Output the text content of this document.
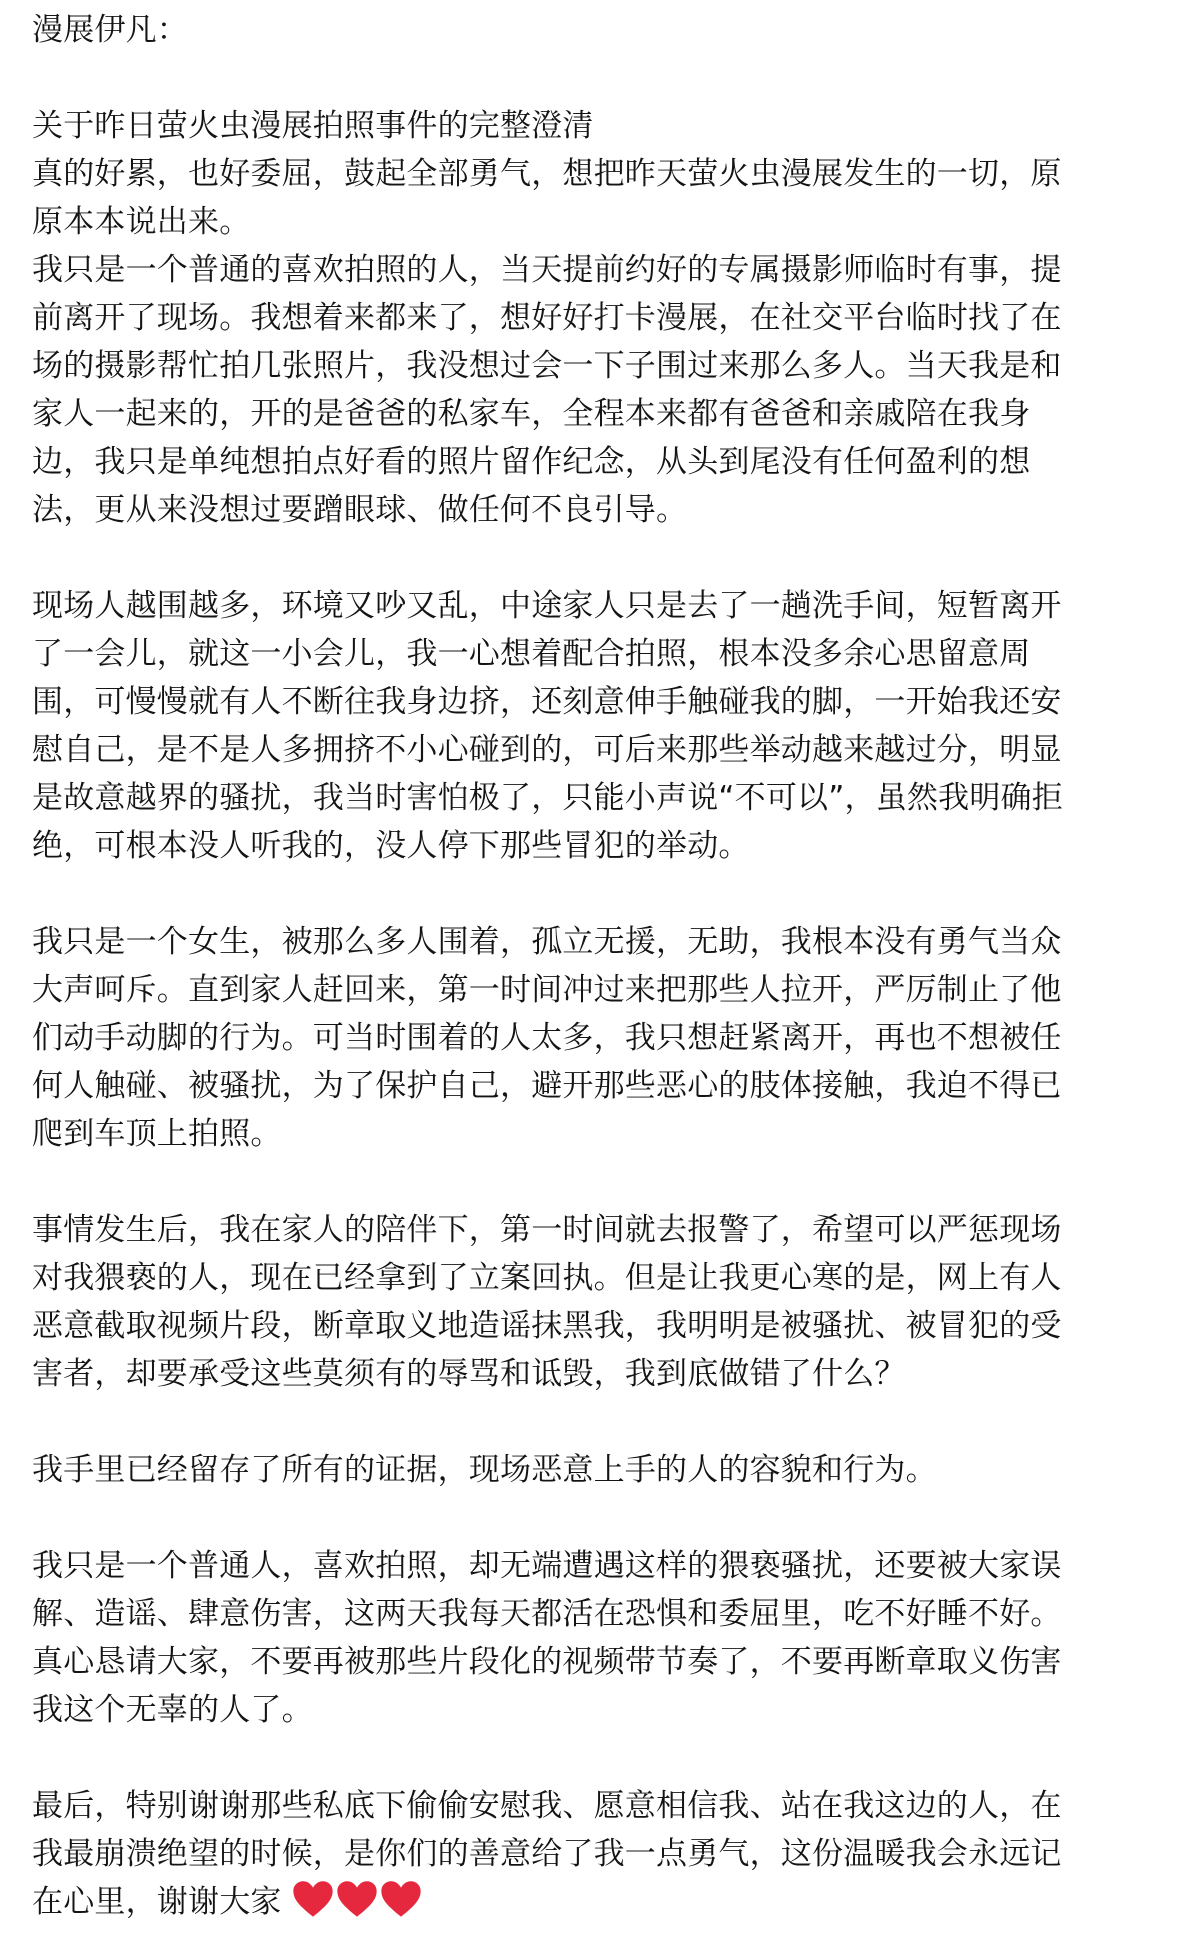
漫展伊凡：
关于昨日萤火虫漫展拍照事件的完整澄清
真的好累，也好委屈，鼓起全部勇气，想把昨天萤火虫漫展发生的一切，原
原本本说出来。
我只是一个普通的喜欢拍照的人，当天提前约好的专属摄影师临时有事，提
前离开了现场。我想着来都来了，想好好打卡漫展，在社交平台临时找了在
场的摄影帮忙拍几张照片，我没想过会一下子围过来那么多人。当天我是和
家人一起来的，开的是爸爸的私家车，全程本来都有爸爸和亲戚陪在我身
边，我只是单纯想拍点好看的照片留作纪念，从头到尾没有任何盈利的想
法，更从来没想过要蹭眼球、做任何不良引导。
现场人越围越多，环境又吵又乱，中途家人只是去了一趟洗手间，短暂离开
了一会儿，就这一小会儿，我一心想着配合拍照，根本没多余心思留意周
围，可慢慢就有人不断往我身边挤，还刻意伸手触碰我的脚，一开始我还安
慰自己，是不是人多拥挤不小心碰到的，可后来那些举动越来越过分，明显
是故意越界的骚扰，我当时害怕极了，只能小声说“不可以”，虽然我明确拒
绝，可根本没人听我的，没人停下那些冒犯的举动。
我只是一个女生，被那么多人围着，孤立无援，无助，我根本没有勇气当众
大声呵斥。直到家人赶回来，第一时间冲过来把那些人拉开，严厉制止了他
们动手动脚的行为。可当时围着的人太多，我只想赶紧离开，再也不想被任
何人触碰、被骚扰，为了保护自己，避开那些恶心的肢体接触，我迫不得已
爬到车顶上拍照。
事情发生后，我在家人的陪伴下，第一时间就去报警了，希望可以严惩现场
对我猥亵的人，现在已经拿到了立案回执。但是让我更心寒的是，网上有人
恶意截取视频片段，断章取义地造谣抹黑我，我明明是被骚扰、被冒犯的受
害者，却要承受这些莫须有的辱骂和诋毁，我到底做错了什么？
我手里已经留存了所有的证据，现场恶意上手的人的容貌和行为。
我只是一个普通人，喜欢拍照，却无端遭遇这样的猥亵骚扰，还要被大家误
解、造谣、肆意伤害，这两天我每天都活在恐惧和委屈里，吃不好睡不好。
真心恳请大家，不要再被那些片段化的视频带节奏了，不要再断章取义伤害
我这个无辜的人了。
最后，特别谢谢那些私底下偷偷安慰我、愿意相信我、站在我这边的人，在
我最崩溃绝望的时候，是你们的善意给了我一点勇气，这份温暖我会永远记
在心里，谢谢大家
